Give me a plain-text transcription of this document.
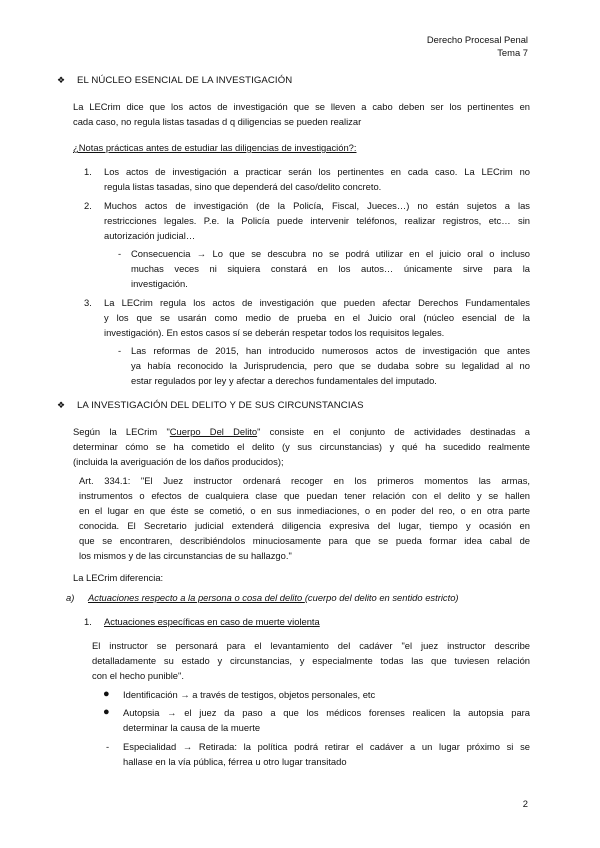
Derecho Procesal Penal
Tema 7
❖ EL NÚCLEO ESENCIAL DE LA INVESTIGACIÓN

La LECrim dice que los actos de investigación que se lleven a cabo deben ser los pertinentes en

cada caso, no regula listas tasadas d q diligencias se pueden realizar

¿Notas prácticas antes de estudiar las diligencias de investigación?:

1. Los actos de investigación a practicar serán los pertinentes en cada caso. La LECrim no

regula listas tasadas, sino que dependerá del caso/delito concreto.

2. Muchos actos de investigación (de la Policía, Fiscal, Jueces…) no están sujetos a las

restricciones legales. P.e. la Policía puede intervenir teléfonos, realizar registros, etc… sin

autorización judicial…

- Consecuencia → Lo que se descubra no se podrá utilizar en el juicio oral o incluso

muchas veces ni siquiera constará en los autos… únicamente sirve para la

investigación.

3. La LECrim regula los actos de investigación que pueden afectar Derechos Fundamentales

y los que se usarán como medio de prueba en el Juicio oral (núcleo esencial de la

investigación). En estos casos sí se deberán respetar todos los requisitos legales.

- Las reformas de 2015, han introducido numerosos actos de investigación que antes

ya había reconocido la Jurisprudencia, pero que se dudaba sobre su legalidad al no

estar regulados por ley y afectar a derechos fundamentales del imputado.

❖ LA INVESTIGACIÓN DEL DELITO Y DE SUS CIRCUNSTANCIAS

Según la LECrim "Cuerpo Del Delito" consiste en el conjunto de actividades destinadas a

determinar cómo se ha cometido el delito (y sus circunstancias) y qué ha sucedido realmente

(incluida la averiguación de los daños producidos);

Art. 334.1: "El Juez instructor ordenará recoger en los primeros momentos las armas,

instrumentos o efectos de cualquiera clase que puedan tener relación con el delito y se hallen

en el lugar en que éste se cometió, o en sus inmediaciones, o en poder del reo, o en otra parte

conocida. El Secretario judicial extenderá diligencia expresiva del lugar, tiempo y ocasión en

que se encontraren, describiéndolos minuciosamente para que se pueda formar idea cabal de

los mismos y de las circunstancias de su hallazgo."

La LECrim diferencia:

a) Actuaciones respecto a la persona o cosa del delito (cuerpo del delito en sentido estricto)

1. Actuaciones específicas en caso de muerte violenta

El instructor se personará para el levantamiento del cadáver "el juez instructor describe

detalladamente su estado y circunstancias, y especialmente todas las que tuviesen relación

con el hecho punible".

● Identificación → a través de testigos, objetos personales, etc

● Autopsia → el juez da paso a que los médicos forenses realicen la autopsia para

determinar la causa de la muerte

- Especialidad → Retirada: la política podrá retirar el cadáver a un lugar próximo si se

hallase en la vía pública, férrea u otro lugar transitado

2
